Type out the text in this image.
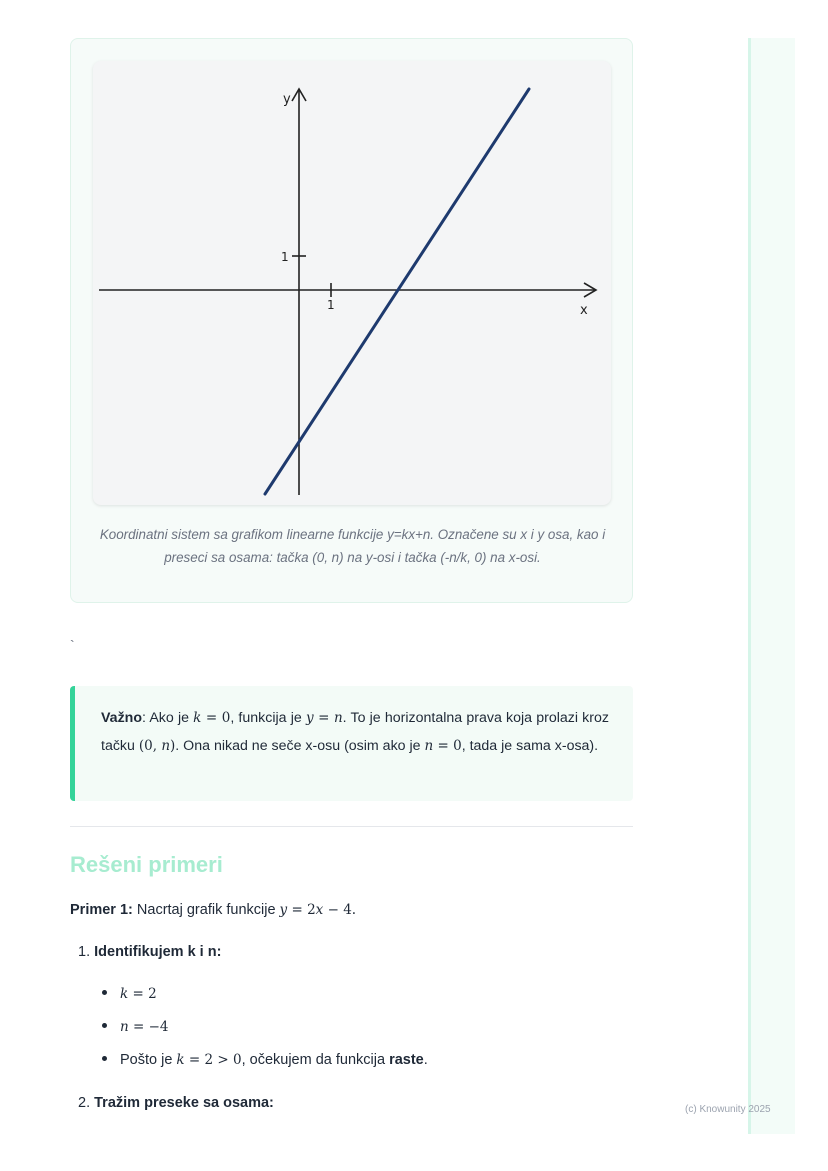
y
x
1
1
Koordinatni sistem sa grafikom linearne funkcije y=kx+n. Označene su x i y osa, kao i preseci sa osama: tačka (0, n) na y-osi i tačka (-n/k, 0) na x-osi.
`
Važno: Ako je k = 0, funkcija je y = n. To je horizontalna prava koja prolazi kroz tačku (0, n). Ona nikad ne seče x-osu (osim ako je n = 0, tada je sama x-osa).
Rešeni primeri
Primer 1: Nacrtaj grafik funkcije y = 2x − 4.
1. Identifikujem k i n:
k = 2
n = −4
Pošto je k = 2 > 0, očekujem da funkcija raste.
2. Tražim preseke sa osama:	(c) Knowunity 2025
